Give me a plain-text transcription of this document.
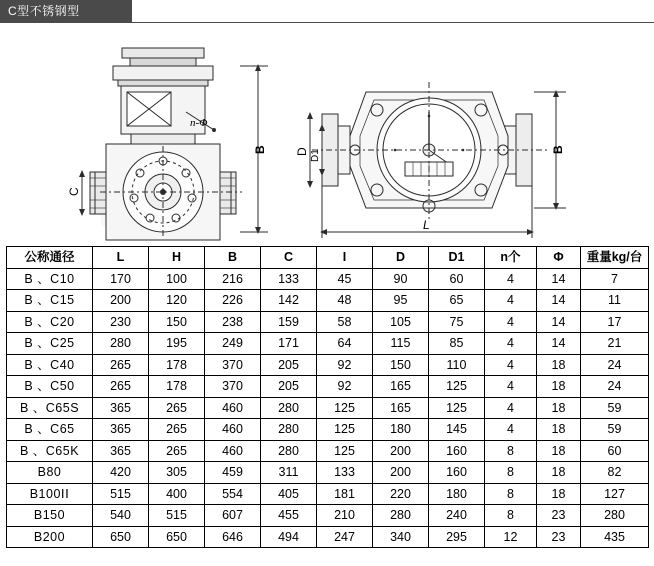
C型不锈钢型
n-Φ
B
C
D D1	B
L
公称通径	L	H	B	C	I	D	D1	n个	Φ	重量kg/台
B 、C10	170	100	216	133	45	90	60	4	14	7
B 、C15	200	120	226	142	48	95	65	4	14	11
B 、C20	230	150	238	159	58	105	75	4	14	17
B 、C25	280	195	249	171	64	115	85	4	14	21
B 、C40	265	178	370	205	92	150	110	4	18	24
B 、C50	265	178	370	205	92	165	125	4	18	24
B 、C65S	365	265	460	280	125	165	125	4	18	59
B 、C65	365	265	460	280	125	180	145	4	18	59
B 、C65K	365	265	460	280	125	200	160	8	18	60
B80	420	305	459	311	133	200	160	8	18	82
B100ⅠⅠ	515	400	554	405	181	220	180	8	18	127
B150	540	515	607	455	210	280	240	8	23	280
B200	650	650	646	494	247	340	295	12	23	435
